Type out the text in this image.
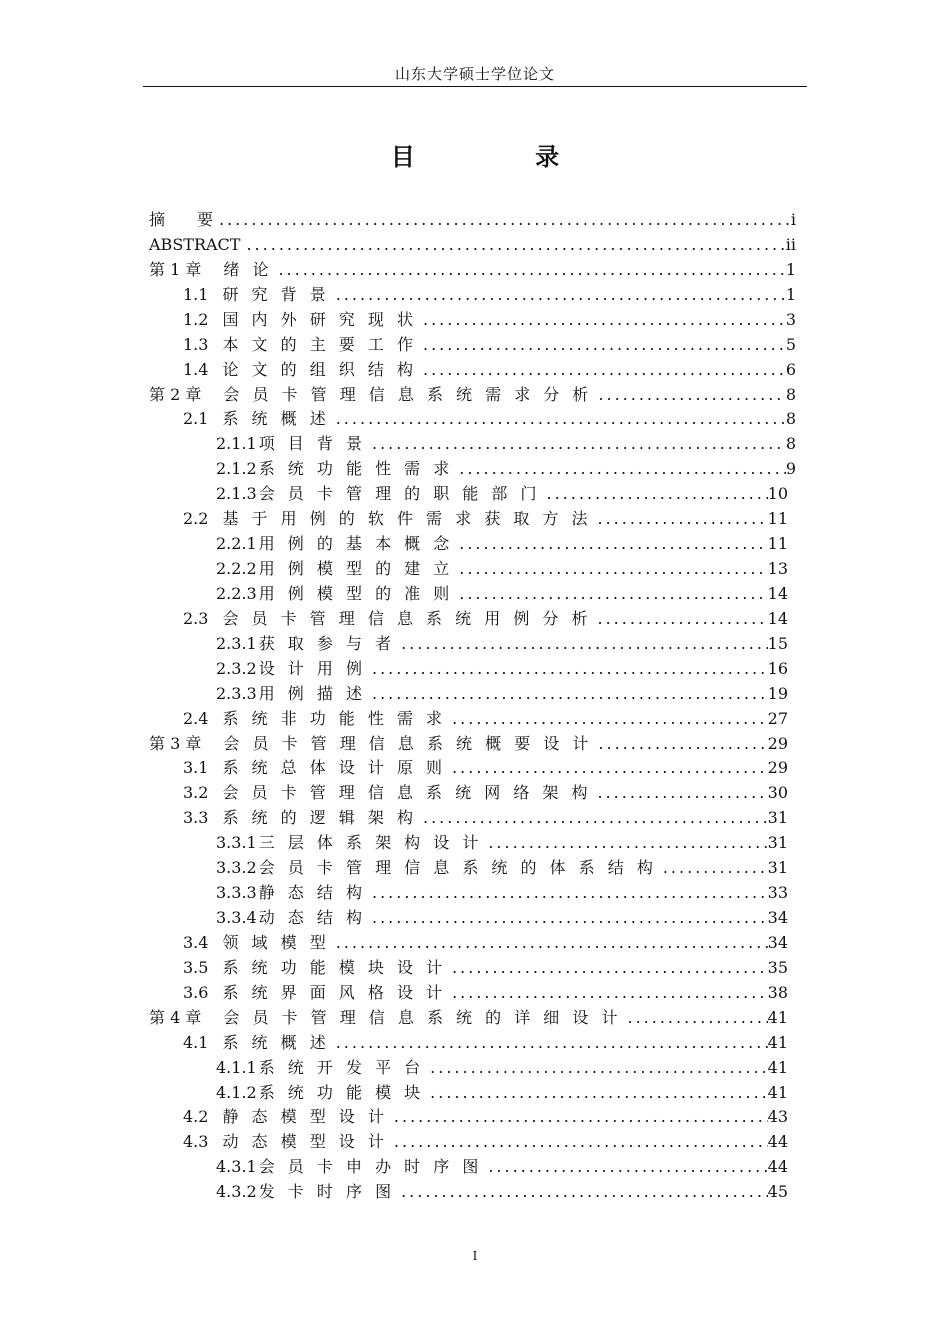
山东大学硕士学位论文
目 录
摘　　要 .....	i
ABSTRACT .....	ii
第 1 章 绪 论 .....	1
1.1 研 究 背 景 .....	1
1.2 国 内 外 研 究 现 状 .....	3
1.3 本 文 的 主 要 工 作 .....	5
1.4 论 文 的 组 织 结 构 .....	6
第 2 章 会 员 卡 管 理 信 息 系 统 需 求 分 析 .....	8
2.1 系 统 概 述 .....	8
2.1.1 项 目 背 景 .....	8
2.1.2 系 统 功 能 性 需 求 .....	9
2.1.3 会 员 卡 管 理 的 职 能 部 门 .....	10
2.2 基 于 用 例 的 软 件 需 求 获 取 方 法 .....	11
2.2.1 用 例 的 基 本 概 念 .....	11
2.2.2 用 例 模 型 的 建 立 .....	13
2.2.3 用 例 模 型 的 准 则 .....	14
2.3 会 员 卡 管 理 信 息 系 统 用 例 分 析 .....	14
2.3.1 获 取 参 与 者 .....	15
2.3.2 设 计 用 例 .....	16
2.3.3 用 例 描 述 .....	19
2.4 系 统 非 功 能 性 需 求 .....	27
第 3 章 会 员 卡 管 理 信 息 系 统 概 要 设 计 .....	29
3.1 系 统 总 体 设 计 原 则 .....	29
3.2 会 员 卡 管 理 信 息 系 统 网 络 架 构 .....	30
3.3 系 统 的 逻 辑 架 构 .....	31
3.3.1 三 层 体 系 架 构 设 计 .....	31
3.3.2 会 员 卡 管 理 信 息 系 统 的 体 系 结 构 .....	31
3.3.3 静 态 结 构 .....	33
3.3.4 动 态 结 构 .....	34
3.4 领 域 模 型 .....	34
3.5 系 统 功 能 模 块 设 计 .....	35
3.6 系 统 界 面 风 格 设 计 .....	38
第 4 章 会 员 卡 管 理 信 息 系 统 的 详 细 设 计 .....	41
4.1 系 统 概 述 .....	41
4.1.1 系 统 开 发 平 台 .....	41
4.1.2 系 统 功 能 模 块 .....	41
4.2 静 态 模 型 设 计 .....	43
4.3 动 态 模 型 设 计 .....	44
4.3.1 会 员 卡 申 办 时 序 图 .....	44
4.3.2 发 卡 时 序 图 .....	45
I
